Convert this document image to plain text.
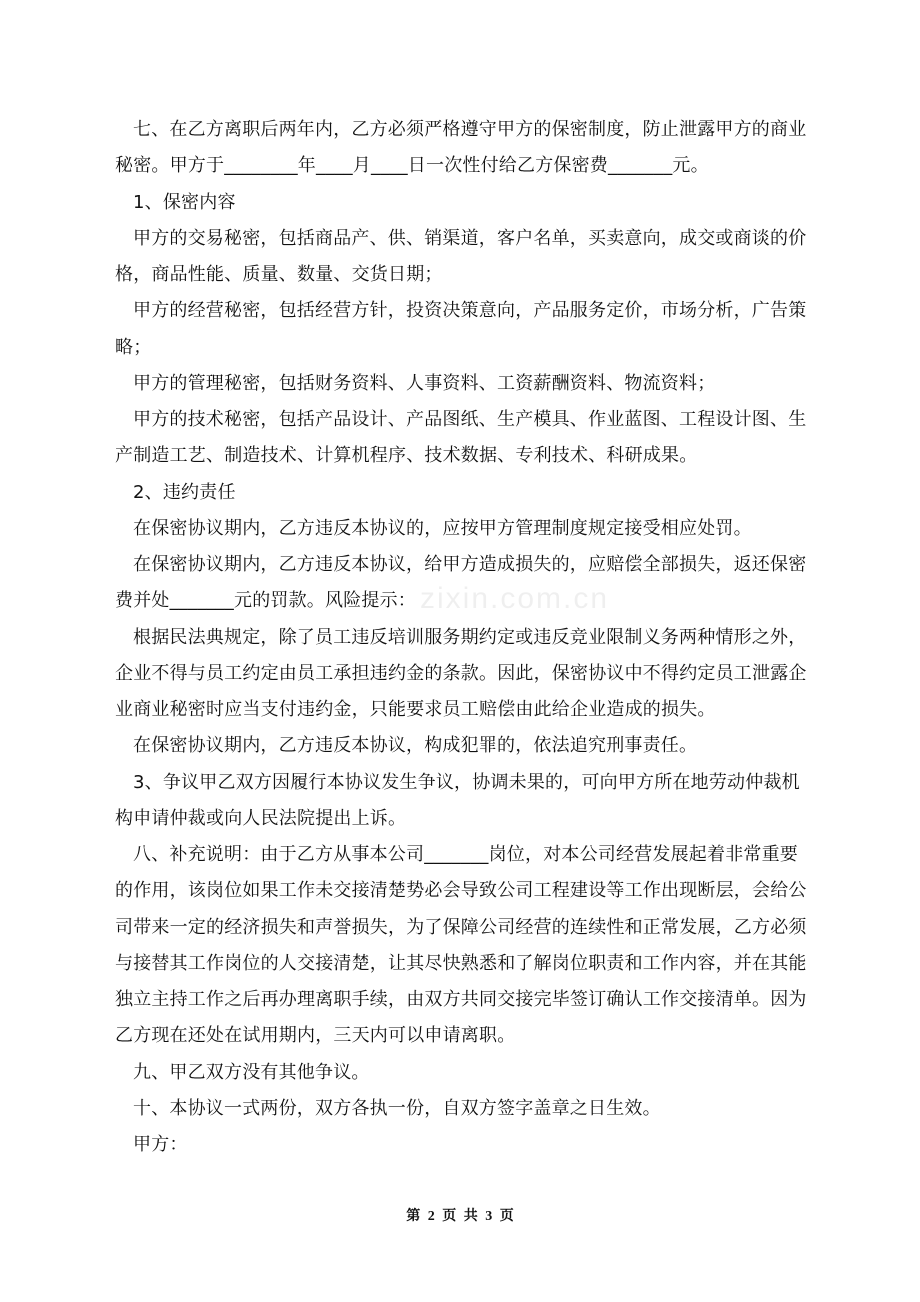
zixin.com.cn
七、在乙方离职后两年内，乙方必须严格遵守甲方的保密制度，防止泄露甲方的商业
秘密。甲方于________年____月____日一次性付给乙方保密费_______元。
1、保密内容
甲方的交易秘密，包括商品产、供、销渠道，客户名单，买卖意向，成交或商谈的价
格，商品性能、质量、数量、交货日期；
甲方的经营秘密，包括经营方针，投资决策意向，产品服务定价，市场分析，广告策
略；
甲方的管理秘密，包括财务资料、人事资料、工资薪酬资料、物流资料；
甲方的技术秘密，包括产品设计、产品图纸、生产模具、作业蓝图、工程设计图、生
产制造工艺、制造技术、计算机程序、技术数据、专利技术、科研成果。
2、违约责任
在保密协议期内，乙方违反本协议的，应按甲方管理制度规定接受相应处罚。
在保密协议期内，乙方违反本协议，给甲方造成损失的，应赔偿全部损失，返还保密
费并处_______元的罚款。风险提示：
根据民法典规定，除了员工违反培训服务期约定或违反竞业限制义务两种情形之外，
企业不得与员工约定由员工承担违约金的条款。因此，保密协议中不得约定员工泄露企
业商业秘密时应当支付违约金，只能要求员工赔偿由此给企业造成的损失。
在保密协议期内，乙方违反本协议，构成犯罪的，依法追究刑事责任。
3、争议甲乙双方因履行本协议发生争议，协调未果的，可向甲方所在地劳动仲裁机
构申请仲裁或向人民法院提出上诉。
八、补充说明：由于乙方从事本公司_______岗位，对本公司经营发展起着非常重要
的作用，该岗位如果工作未交接清楚势必会导致公司工程建设等工作出现断层，会给公
司带来一定的经济损失和声誉损失，为了保障公司经营的连续性和正常发展，乙方必须
与接替其工作岗位的人交接清楚，让其尽快熟悉和了解岗位职责和工作内容，并在其能
独立主持工作之后再办理离职手续，由双方共同交接完毕签订确认工作交接清单。因为
乙方现在还处在试用期内，三天内可以申请离职。
九、甲乙双方没有其他争议。
十、本协议一式两份，双方各执一份，自双方签字盖章之日生效。
甲方：
第 2 页 共 3 页
